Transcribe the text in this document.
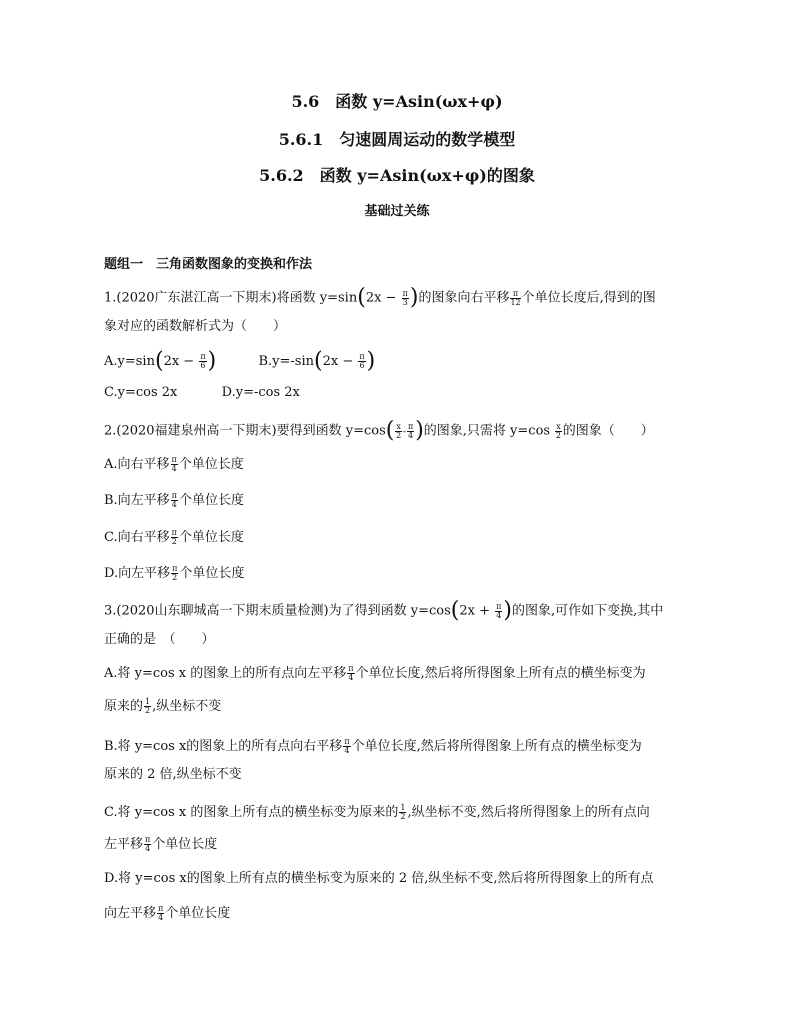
5.6　函数 y=Asin(ωx+φ)
5.6.1　匀速圆周运动的数学模型
5.6.2　函数 y=Asin(ωx+φ)的图象
基础过关练
题组一　三角函数图象的变换和作法
1.(2020广东湛江高一下期末)将函数 $y=\sin(2x - \frac{\pi}{3}$ )的图象向右平移 $\frac{\pi}{12}$ 个单位长度后,得到的图
象对应的函数解析式为（　　）
$A.y=\sin(2x - \frac{\pi}{6}$ )	$B.y=-\sin(2x - \frac{\pi}{6}$ )
C.y=cos 2x	D.y=-cos 2x
2.(2020福建泉州高一下期末)要得到函数 $y=\cos( \frac{x}{2} - \frac{\pi}{4}$ )的图象,只需将 $y=\cos \frac{x}{2}$ 的图象（　　）
A.向右平移 $\frac{\pi}{4}$ 个单位长度
B.向左平移 $\frac{\pi}{4}$ 个单位长度
C.向右平移 $\frac{\pi}{2}$ 个单位长度
D.向左平移 $\frac{\pi}{2}$ 个单位长度
3.(2020山东聊城高一下期末质量检测)为了得到函数 $y=\cos(2x + \frac{\pi}{4}$ )的图象,可作如下变换,其中
正确的是　（　　）
A.将 y=cos x 的图象上的所有点向左平移 $\frac{\pi}{4}$ 个单位长度,然后将所得图象上所有点的横坐标变为
原来的 $\frac{1}{2}$ ,纵坐标不变
B.将 y=cos x的图象上的所有点向右平移 $\frac{\pi}{4}$ 个单位长度,然后将所得图象上所有点的横坐标变为
原来的 2 倍,纵坐标不变
C.将 y=cos x 的图象上所有点的横坐标变为原来的 $\frac{1}{2}$ ,纵坐标不变,然后将所得图象上的所有点向
左平移 $\frac{\pi}{4}$ 个单位长度
D.将 y=cos x的图象上所有点的横坐标变为原来的 2 倍,纵坐标不变,然后将所得图象上的所有点
向左平移 $\frac{\pi}{4}$ 个单位长度
